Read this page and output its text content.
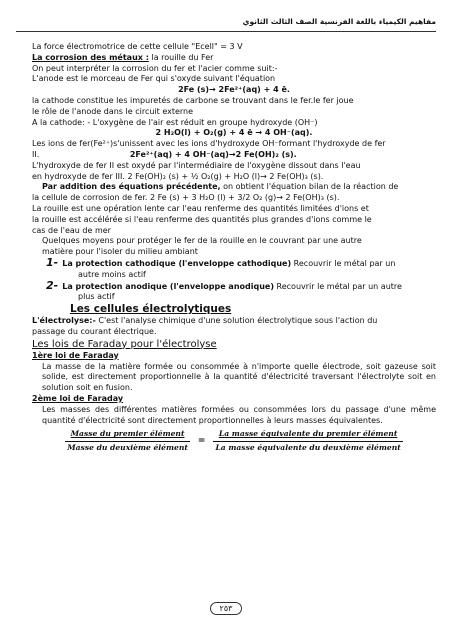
مفاهيم الكيمياء باللغة الفرنسية الصف الثالث الثانوي
La force électromotrice de cette cellule "Ecell" = 3 V
La corrosion des métaux : la rouille du Fer
On peut interpréter la corrosion du fer et l'acier comme suit:-
L'anode est le morceau de Fer qui s'oxyde suivant l'équation
2Fe (s)→ 2Fe²⁺(aq) + 4 ē.
la cathode constitue les impuretés de carbone se trouvant dans le fer.le fer joue
le rôle de l'anode dans le circuit externe
A la cathode: - L'oxygène de l'air est réduit en groupe hydroxyde (OH⁻)
2 H₂O(l) + O₂(g) + 4 ē → 4 OH⁻(aq).
Les ions de fer(Fe²⁺)s'unissent avec les ions d'hydroxyde OH⁻formant l'hydroxyde de fer
II.	2Fe²⁺(aq) + 4 OH⁻(aq)→2 Fe(OH)₂ (s).
L'hydroxyde de fer II est oxydé par l'intermédiaire de l'oxygène dissout dans l'eau
en hydroxyde de fer III. 2 Fe(OH)₂ (s) + ½ O₂(g) + H₂O (l)→ 2 Fe(OH)₃ (s).
Par addition des équations précédente, on obtient l'équation bilan de la réaction de
la cellule de corrosion de fer. 2 Fe (s) + 3 H₂O (l) + 3/2 O₂ (g)→ 2 Fe(OH)₃ (s).
La rouille est une opération lente car l'eau renferme des quantités limitées d'ions et
la rouille est accélérée si l'eau renferme des quantités plus grandes d'ions comme le
cas de l'eau de mer
Quelques moyens pour protéger le fer de la rouille en le couvrant par une autre
matière pour l'isoler du milieu ambiant
1- La protection cathodique (l'enveloppe cathodique) Recouvrir le métal par un
autre moins actif
2- La protection anodique (l'enveloppe anodique) Recouvrir le métal par un autre
plus actif
Les cellules électrolytiques
L'électrolyse:- C'est l'analyse chimique d'une solution électrolytique sous l'action du
passage du courant électrique.
Les lois de Faraday pour l'électrolyse
1ère loi de Faraday
La masse de la matière formée ou consommée à n'importe quelle électrode, soit gazeuse soit solide, est directement proportionnelle à la quantité d'électricité traversant l'électrolyte soit en solution soit en fusion.
2ème loi de Faraday
Les masses des différentes matières formées ou consommées lors du passage d'une même quantité d'électricité sont directement proportionnelles à leurs masses équivalentes.
$\frac{\text{Masse du premier élément}}{\text{Masse du deuxième élément}} = \frac{\text{La masse équivalente du premier élément}}{\text{La masse équivalente du deuxième élément}}$
٢٥٣
